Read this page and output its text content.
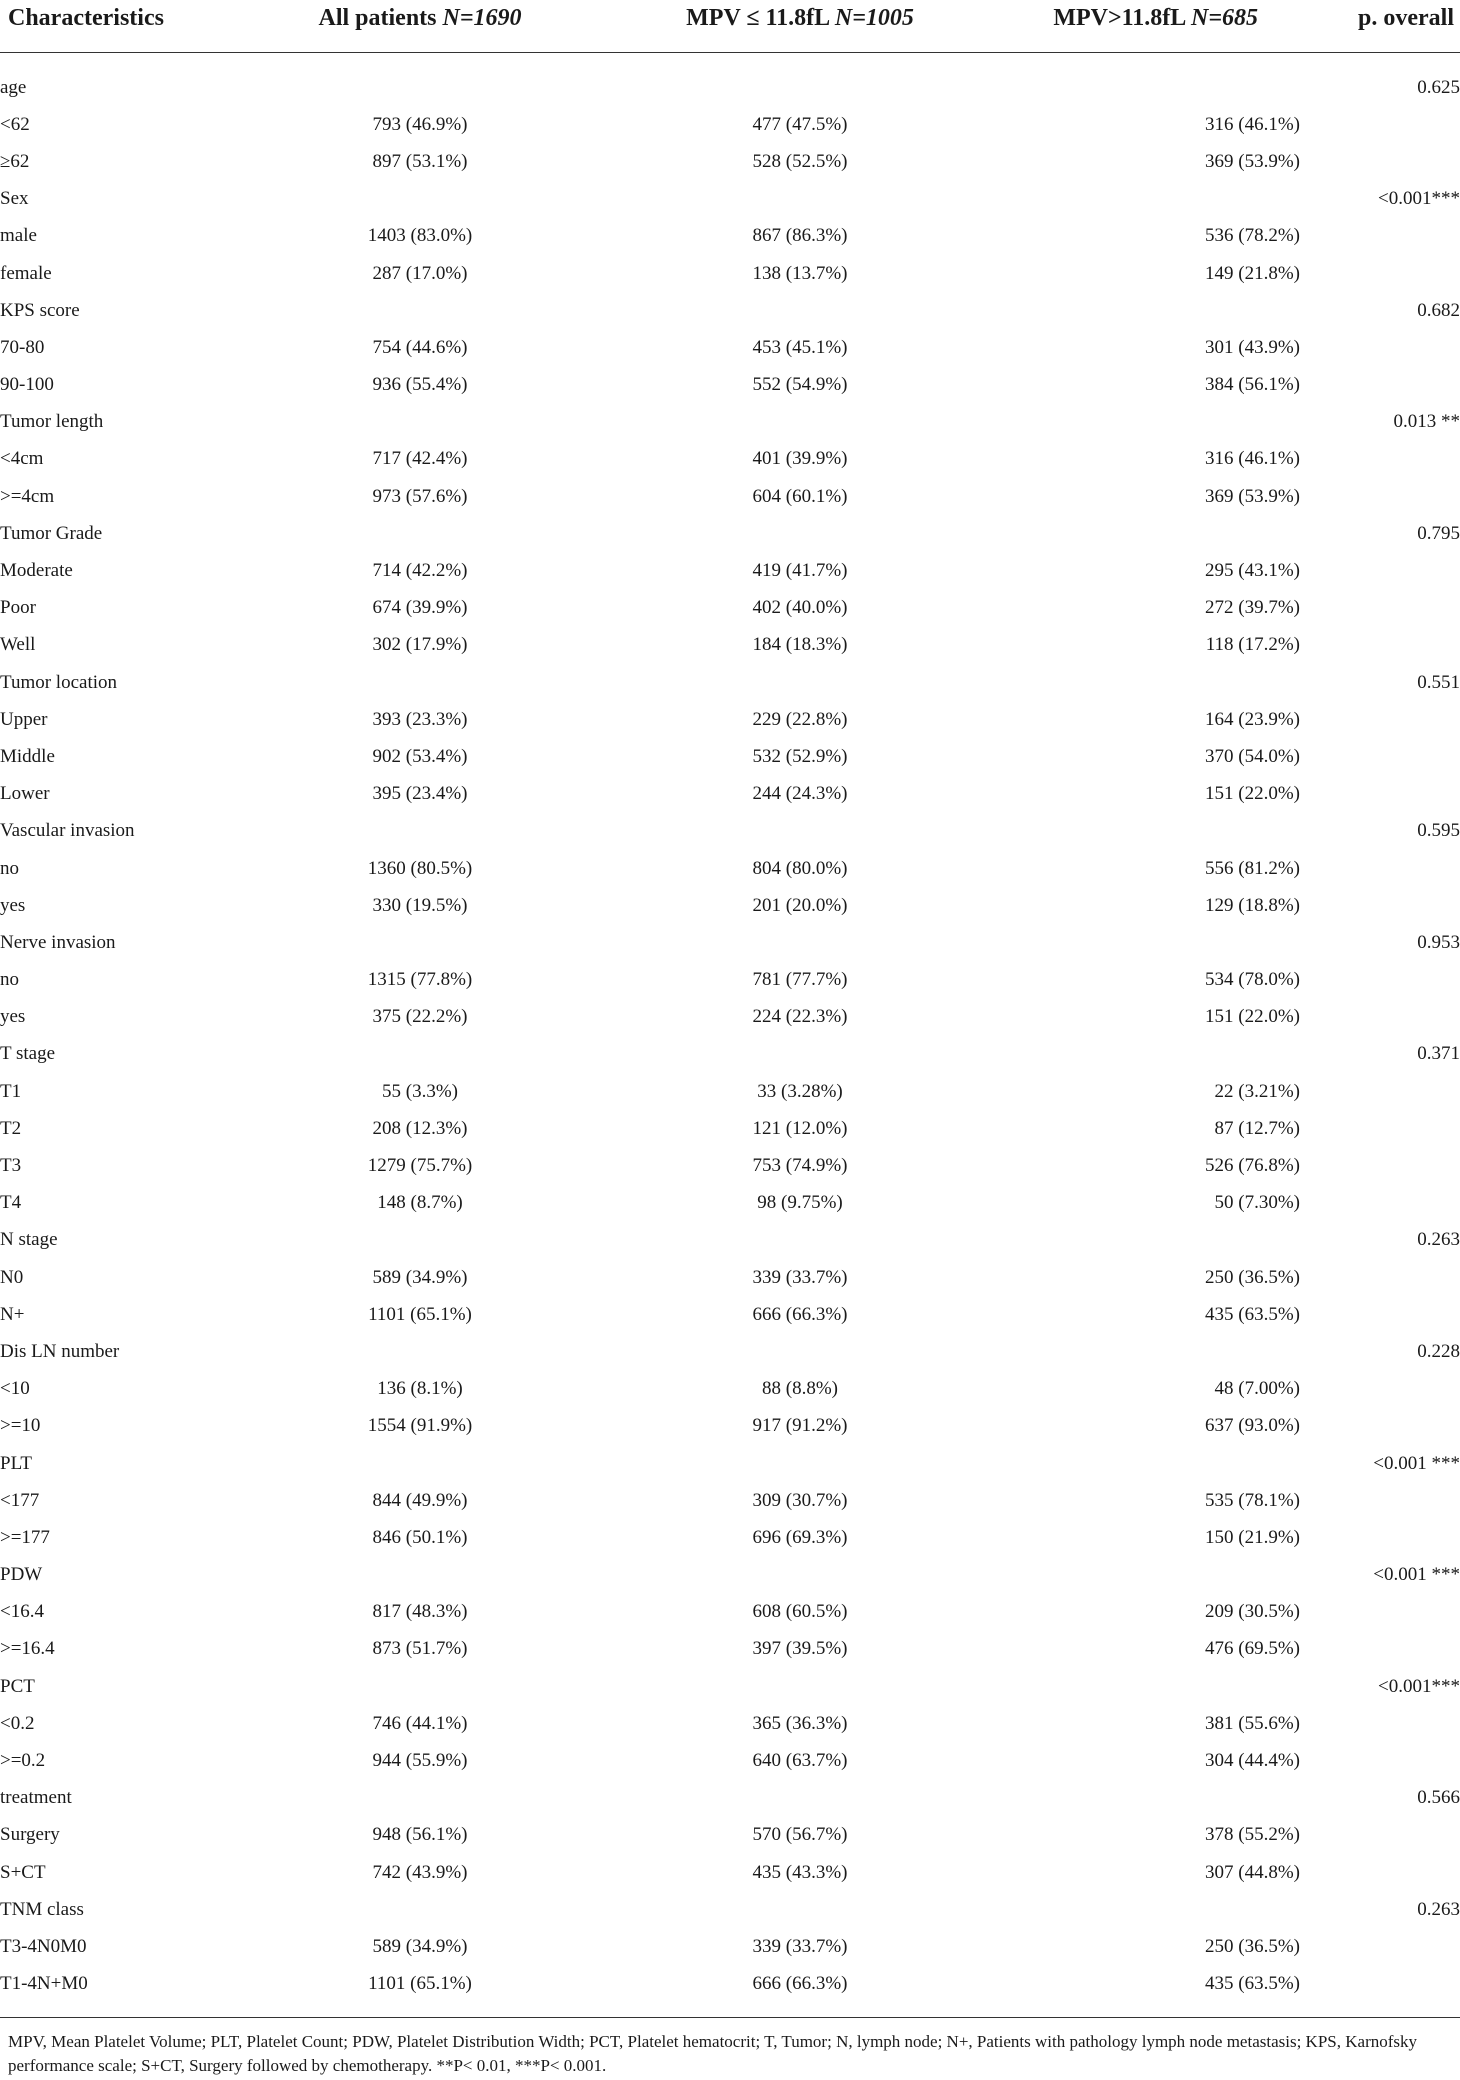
Characteristics	All patients N=1690	MPV ≤ 11.8fL N=1005	MPV>11.8fL N=685	p. overall

age				0.625
<62	793 (46.9%)	477 (47.5%)	316 (46.1%)	
≥62	897 (53.1%)	528 (52.5%)	369 (53.9%)	
Sex				<0.001***
male	1403 (83.0%)	867 (86.3%)	536 (78.2%)	
female	287 (17.0%)	138 (13.7%)	149 (21.8%)	
KPS score				0.682
70-80	754 (44.6%)	453 (45.1%)	301 (43.9%)	
90-100	936 (55.4%)	552 (54.9%)	384 (56.1%)	
Tumor length				0.013 **
<4cm	717 (42.4%)	401 (39.9%)	316 (46.1%)	
>=4cm	973 (57.6%)	604 (60.1%)	369 (53.9%)	
Tumor Grade				0.795
Moderate	714 (42.2%)	419 (41.7%)	295 (43.1%)	
Poor	674 (39.9%)	402 (40.0%)	272 (39.7%)	
Well	302 (17.9%)	184 (18.3%)	118 (17.2%)	
Tumor location				0.551
Upper	393 (23.3%)	229 (22.8%)	164 (23.9%)	
Middle	902 (53.4%)	532 (52.9%)	370 (54.0%)	
Lower	395 (23.4%)	244 (24.3%)	151 (22.0%)	
Vascular invasion				0.595
no	1360 (80.5%)	804 (80.0%)	556 (81.2%)	
yes	330 (19.5%)	201 (20.0%)	129 (18.8%)	
Nerve invasion				0.953
no	1315 (77.8%)	781 (77.7%)	534 (78.0%)	
yes	375 (22.2%)	224 (22.3%)	151 (22.0%)	
T stage				0.371
T1	55 (3.3%)	33 (3.28%)	22 (3.21%)	
T2	208 (12.3%)	121 (12.0%)	87 (12.7%)	
T3	1279 (75.7%)	753 (74.9%)	526 (76.8%)	
T4	148 (8.7%)	98 (9.75%)	50 (7.30%)	
N stage				0.263
N0	589 (34.9%)	339 (33.7%)	250 (36.5%)	
N+	1101 (65.1%)	666 (66.3%)	435 (63.5%)	
Dis LN number				0.228
<10	136 (8.1%)	88 (8.8%)	48 (7.00%)	
>=10	1554 (91.9%)	917 (91.2%)	637 (93.0%)	
PLT				<0.001 ***
<177	844 (49.9%)	309 (30.7%)	535 (78.1%)	
>=177	846 (50.1%)	696 (69.3%)	150 (21.9%)	
PDW				<0.001 ***
<16.4	817 (48.3%)	608 (60.5%)	209 (30.5%)	
>=16.4	873 (51.7%)	397 (39.5%)	476 (69.5%)	
PCT				<0.001***
<0.2	746 (44.1%)	365 (36.3%)	381 (55.6%)	
>=0.2	944 (55.9%)	640 (63.7%)	304 (44.4%)	
treatment				0.566
Surgery	948 (56.1%)	570 (56.7%)	378 (55.2%)	
S+CT	742 (43.9%)	435 (43.3%)	307 (44.8%)	
TNM class				0.263
T3-4N0M0	589 (34.9%)	339 (33.7%)	250 (36.5%)	
T1-4N+M0	1101 (65.1%)	666 (66.3%)	435 (63.5%)	

MPV, Mean Platelet Volume; PLT, Platelet Count; PDW, Platelet Distribution Width; PCT, Platelet hematocrit; T, Tumor; N, lymph node; N+, Patients with pathology lymph node metastasis; KPS, Karnofsky performance scale; S+CT, Surgery followed by chemotherapy. **P< 0.01, ***P< 0.001.
